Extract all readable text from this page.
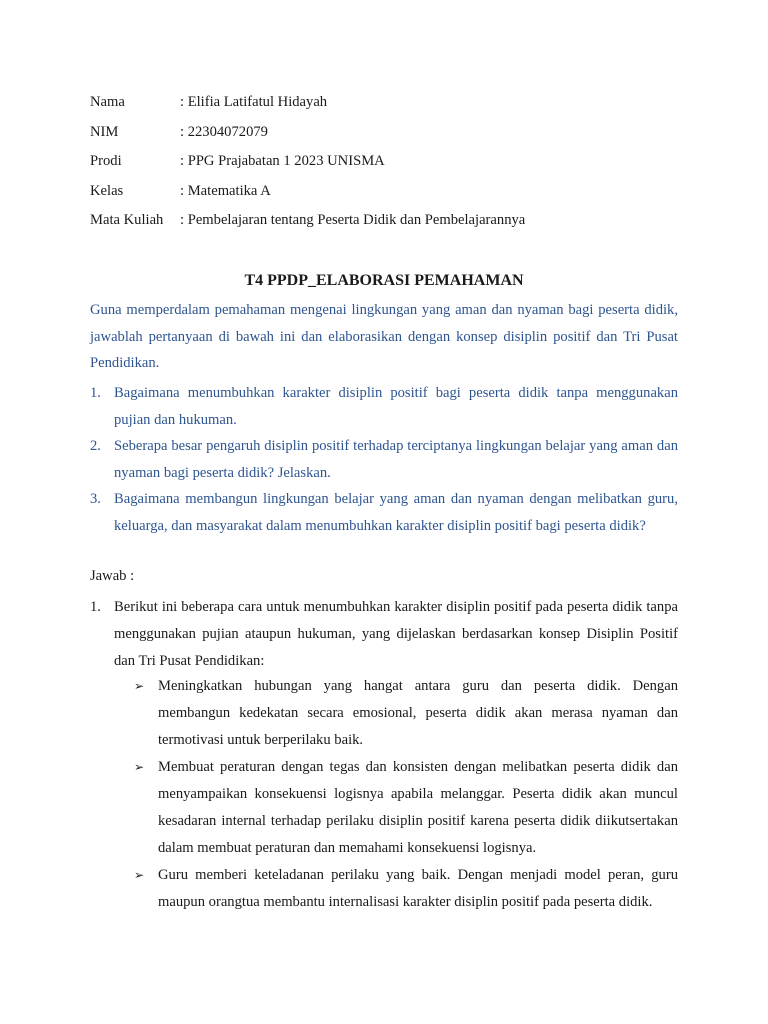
Nama	: Elifia Latifatul Hidayah
NIM	: 22304072079
Prodi	: PPG Prajabatan 1 2023 UNISMA
Kelas	: Matematika A
Mata Kuliah	: Pembelajaran tentang Peserta Didik dan Pembelajarannya
T4 PPDP_ELABORASI PEMAHAMAN
Guna memperdalam pemahaman mengenai lingkungan yang aman dan nyaman bagi peserta didik, jawablah pertanyaan di bawah ini dan elaborasikan dengan konsep disiplin positif dan Tri Pusat Pendidikan.
1. Bagaimana menumbuhkan karakter disiplin positif bagi peserta didik tanpa menggunakan pujian dan hukuman.
2. Seberapa besar pengaruh disiplin positif terhadap terciptanya lingkungan belajar yang aman dan nyaman bagi peserta didik? Jelaskan.
3. Bagaimana membangun lingkungan belajar yang aman dan nyaman dengan melibatkan guru, keluarga, dan masyarakat dalam menumbuhkan karakter disiplin positif bagi peserta didik?
Jawab :
1. Berikut ini beberapa cara untuk menumbuhkan karakter disiplin positif pada peserta didik tanpa menggunakan pujian ataupun hukuman, yang dijelaskan berdasarkan konsep Disiplin Positif dan Tri Pusat Pendidikan:
➢ Meningkatkan hubungan yang hangat antara guru dan peserta didik. Dengan membangun kedekatan secara emosional, peserta didik akan merasa nyaman dan termotivasi untuk berperilaku baik.
➢ Membuat peraturan dengan tegas dan konsisten dengan melibatkan peserta didik dan menyampaikan konsekuensi logisnya apabila melanggar. Peserta didik akan muncul kesadaran internal terhadap perilaku disiplin positif karena peserta didik diikutsertakan dalam membuat peraturan dan memahami konsekuensi logisnya.
➢ Guru memberi keteladanan perilaku yang baik. Dengan menjadi model peran, guru maupun orangtua membantu internalisasi karakter disiplin positif pada peserta didik.
